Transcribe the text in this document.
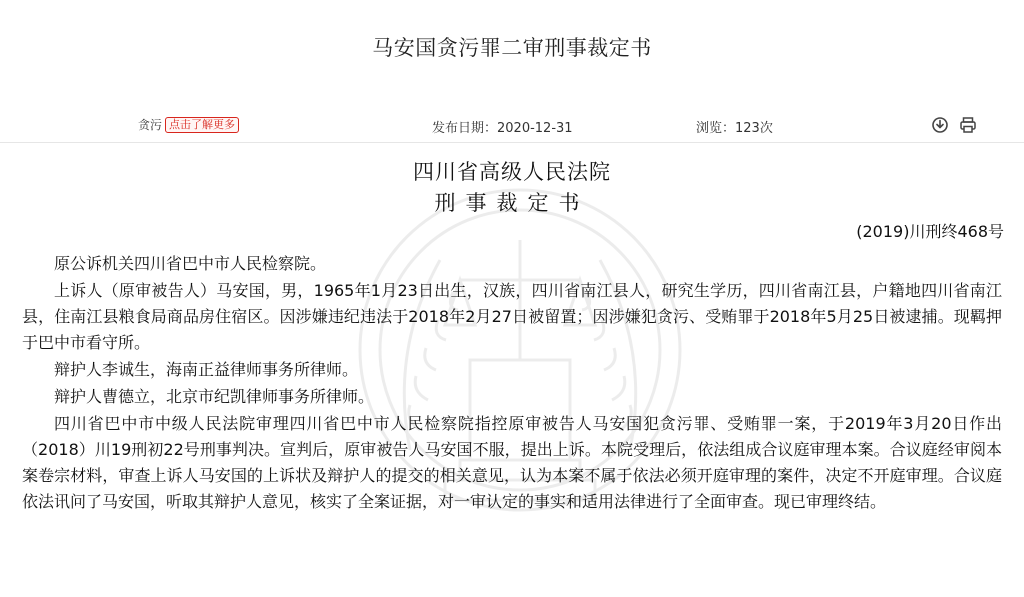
马安国贪污罪二审刑事裁定书
贪污 点击了解更多	发布日期：2020-12-31	浏览：123次
四川省高级人民法院
刑事裁定书
(2019)川刑终468号

原公诉机关四川省巴中市人民检察院。

上诉人（原审被告人）马安国，男，1965年1月23日出生，汉族，四川省南江县人，研究生学历，四川省南江县，户籍地四川省南江县，住南江县粮食局商品房住宿区。因涉嫌违纪违法于2018年2月27日被留置；因涉嫌犯贪污、受贿罪于2018年5月25日被逮捕。现羁押于巴中市看守所。

辩护人李诚生，海南正益律师事务所律师。

辩护人曹德立，北京市纪凯律师事务所律师。

四川省巴中市中级人民法院审理四川省巴中市人民检察院指控原审被告人马安国犯贪污罪、受贿罪一案，于2019年3月20日作出（2018）川19刑初22号刑事判决。宣判后，原审被告人马安国不服，提出上诉。本院受理后，依法组成合议庭审理本案。合议庭经审阅本案卷宗材料，审查上诉人马安国的上诉状及辩护人的提交的相关意见，认为本案不属于依法必须开庭审理的案件，决定不开庭审理。合议庭依法讯问了马安国，听取其辩护人意见，核实了全案证据，对一审认定的事实和适用法律进行了全面审查。现已审理终结。
